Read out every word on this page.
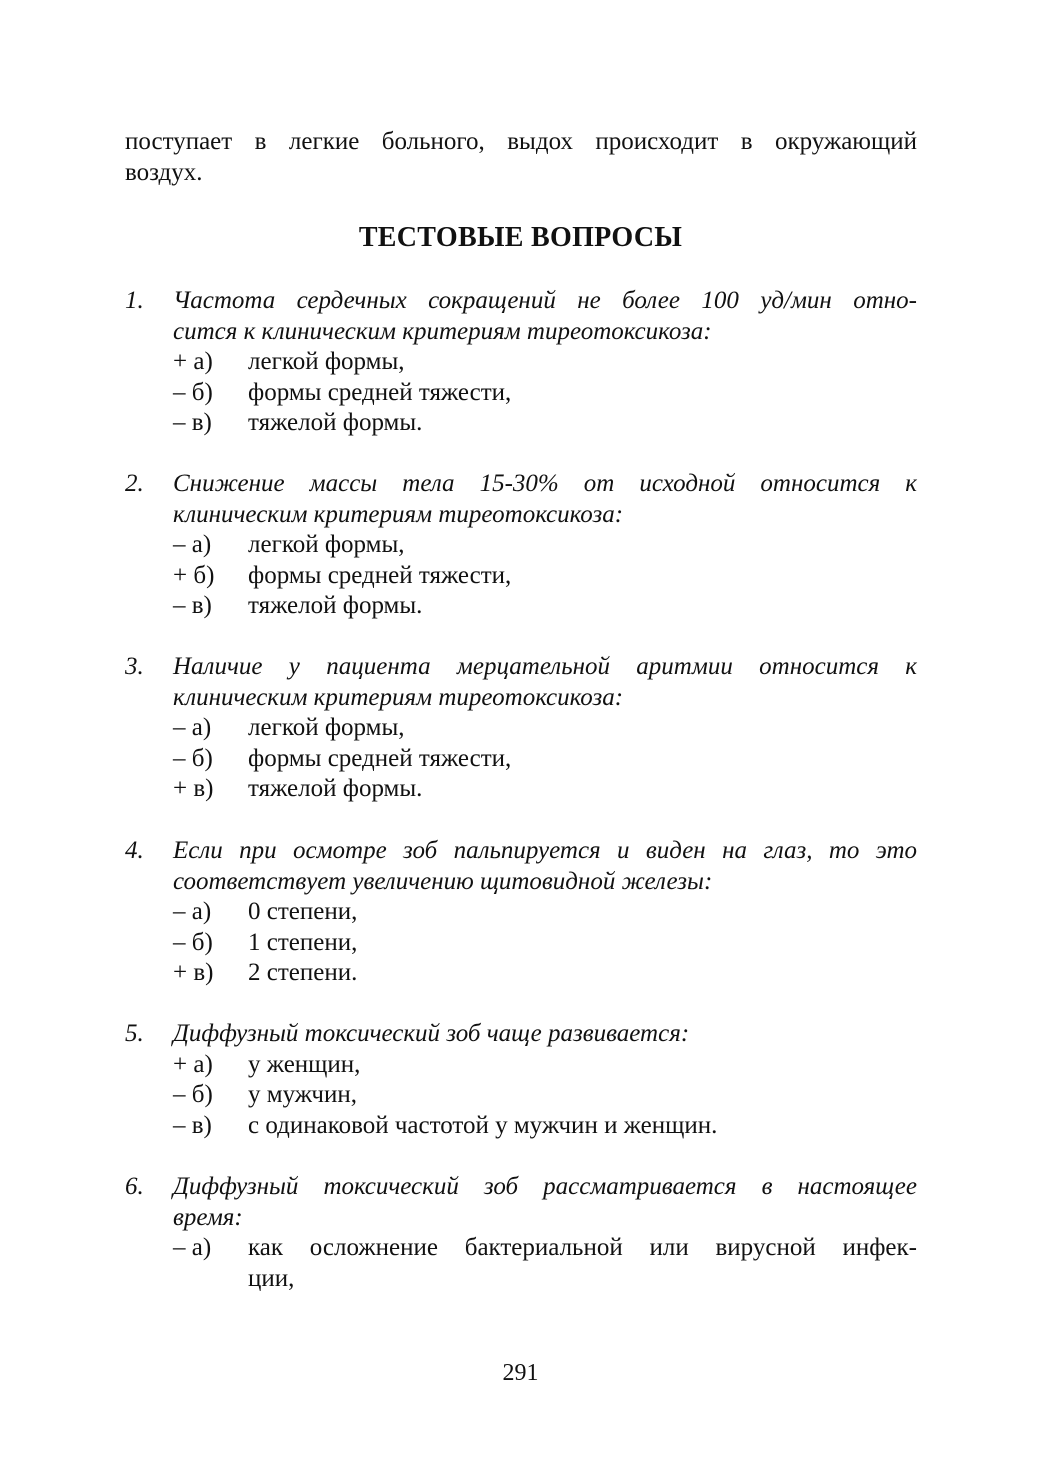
поступает в легкие больного, выдох происходит в окружающий
воздух.
ТЕСТОВЫЕ ВОПРОСЫ
1. Частота сердечных сокращений не более 100 уд/мин отно-
сится к клиническим критериям тиреотоксикоза:
+ а) легкой формы,
– б) формы средней тяжести,
– в) тяжелой формы.
2. Снижение массы тела 15-30% от исходной относится к
клиническим критериям тиреотоксикоза:
– а) легкой формы,
+ б) формы средней тяжести,
– в) тяжелой формы.
3. Наличие у пациента мерцательной аритмии относится к
клиническим критериям тиреотоксикоза:
– а) легкой формы,
– б) формы средней тяжести,
+ в) тяжелой формы.
4. Если при осмотре зоб пальпируется и виден на глаз, то это
соответствует увеличению щитовидной железы:
– а) 0 степени,
– б) 1 степени,
+ в) 2 степени.
5. Диффузный токсический зоб чаще развивается:
+ а) у женщин,
– б) у мужчин,
– в) с одинаковой частотой у мужчин и женщин.
6. Диффузный токсический зоб рассматривается в настоящее
время:
– а) как осложнение бактериальной или вирусной инфек-
ции,
291
